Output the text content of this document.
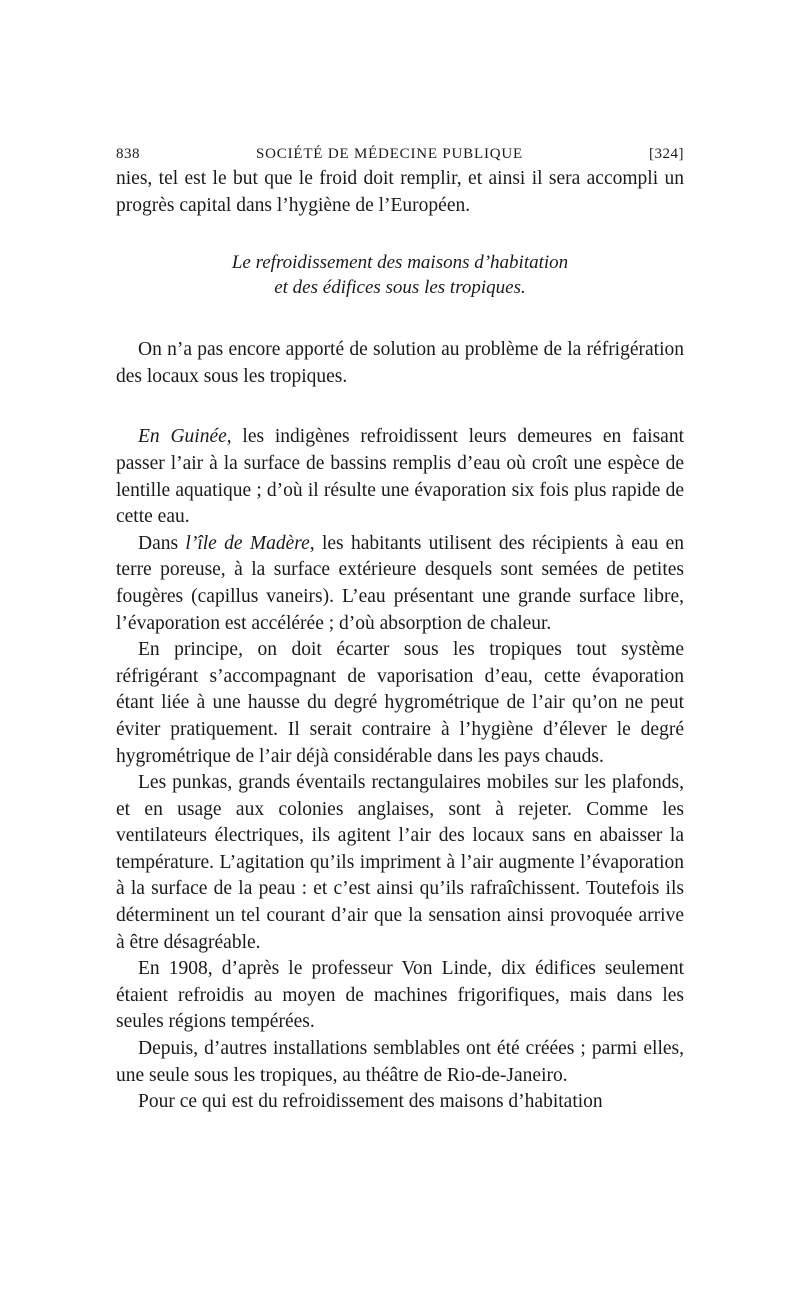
838	SOCIÉTÉ DE MÉDECINE PUBLIQUE	[324]

nies, tel est le but que le froid doit remplir, et ainsi il sera accompli un progrès capital dans l’hygiène de l’Européen.

Le refroidissement des maisons d’habitation
et des édifices sous les tropiques.

On n’a pas encore apporté de solution au problème de la réfrigération des locaux sous les tropiques.

En Guinée, les indigènes refroidissent leurs demeures en faisant passer l’air à la surface de bassins remplis d’eau où croît une espèce de lentille aquatique ; d’où il résulte une évaporation six fois plus rapide de cette eau.

Dans l’île de Madère, les habitants utilisent des récipients à eau en terre poreuse, à la surface extérieure desquels sont semées de petites fougères (capillus vaneirs). L’eau présentant une grande surface libre, l’évaporation est accélérée ; d’où absorption de chaleur.

En principe, on doit écarter sous les tropiques tout système réfrigérant s’accompagnant de vaporisation d’eau, cette évaporation étant liée à une hausse du degré hygrométrique de l’air qu’on ne peut éviter pratiquement. Il serait contraire à l’hygiène d’élever le degré hygrométrique de l’air déjà considérable dans les pays chauds.

Les punkas, grands éventails rectangulaires mobiles sur les plafonds, et en usage aux colonies anglaises, sont à rejeter. Comme les ventilateurs électriques, ils agitent l’air des locaux sans en abaisser la température. L’agitation qu’ils impriment à l’air augmente l’évaporation à la surface de la peau : et c’est ainsi qu’ils rafraîchissent. Toutefois ils déterminent un tel courant d’air que la sensation ainsi provoquée arrive à être désagréable.

En 1908, d’après le professeur Von Linde, dix édifices seulement étaient refroidis au moyen de machines frigorifiques, mais dans les seules régions tempérées.

Depuis, d’autres installations semblables ont été créées ; parmi elles, une seule sous les tropiques, au théâtre de Rio-de-Janeiro.

Pour ce qui est du refroidissement des maisons d’habitation
